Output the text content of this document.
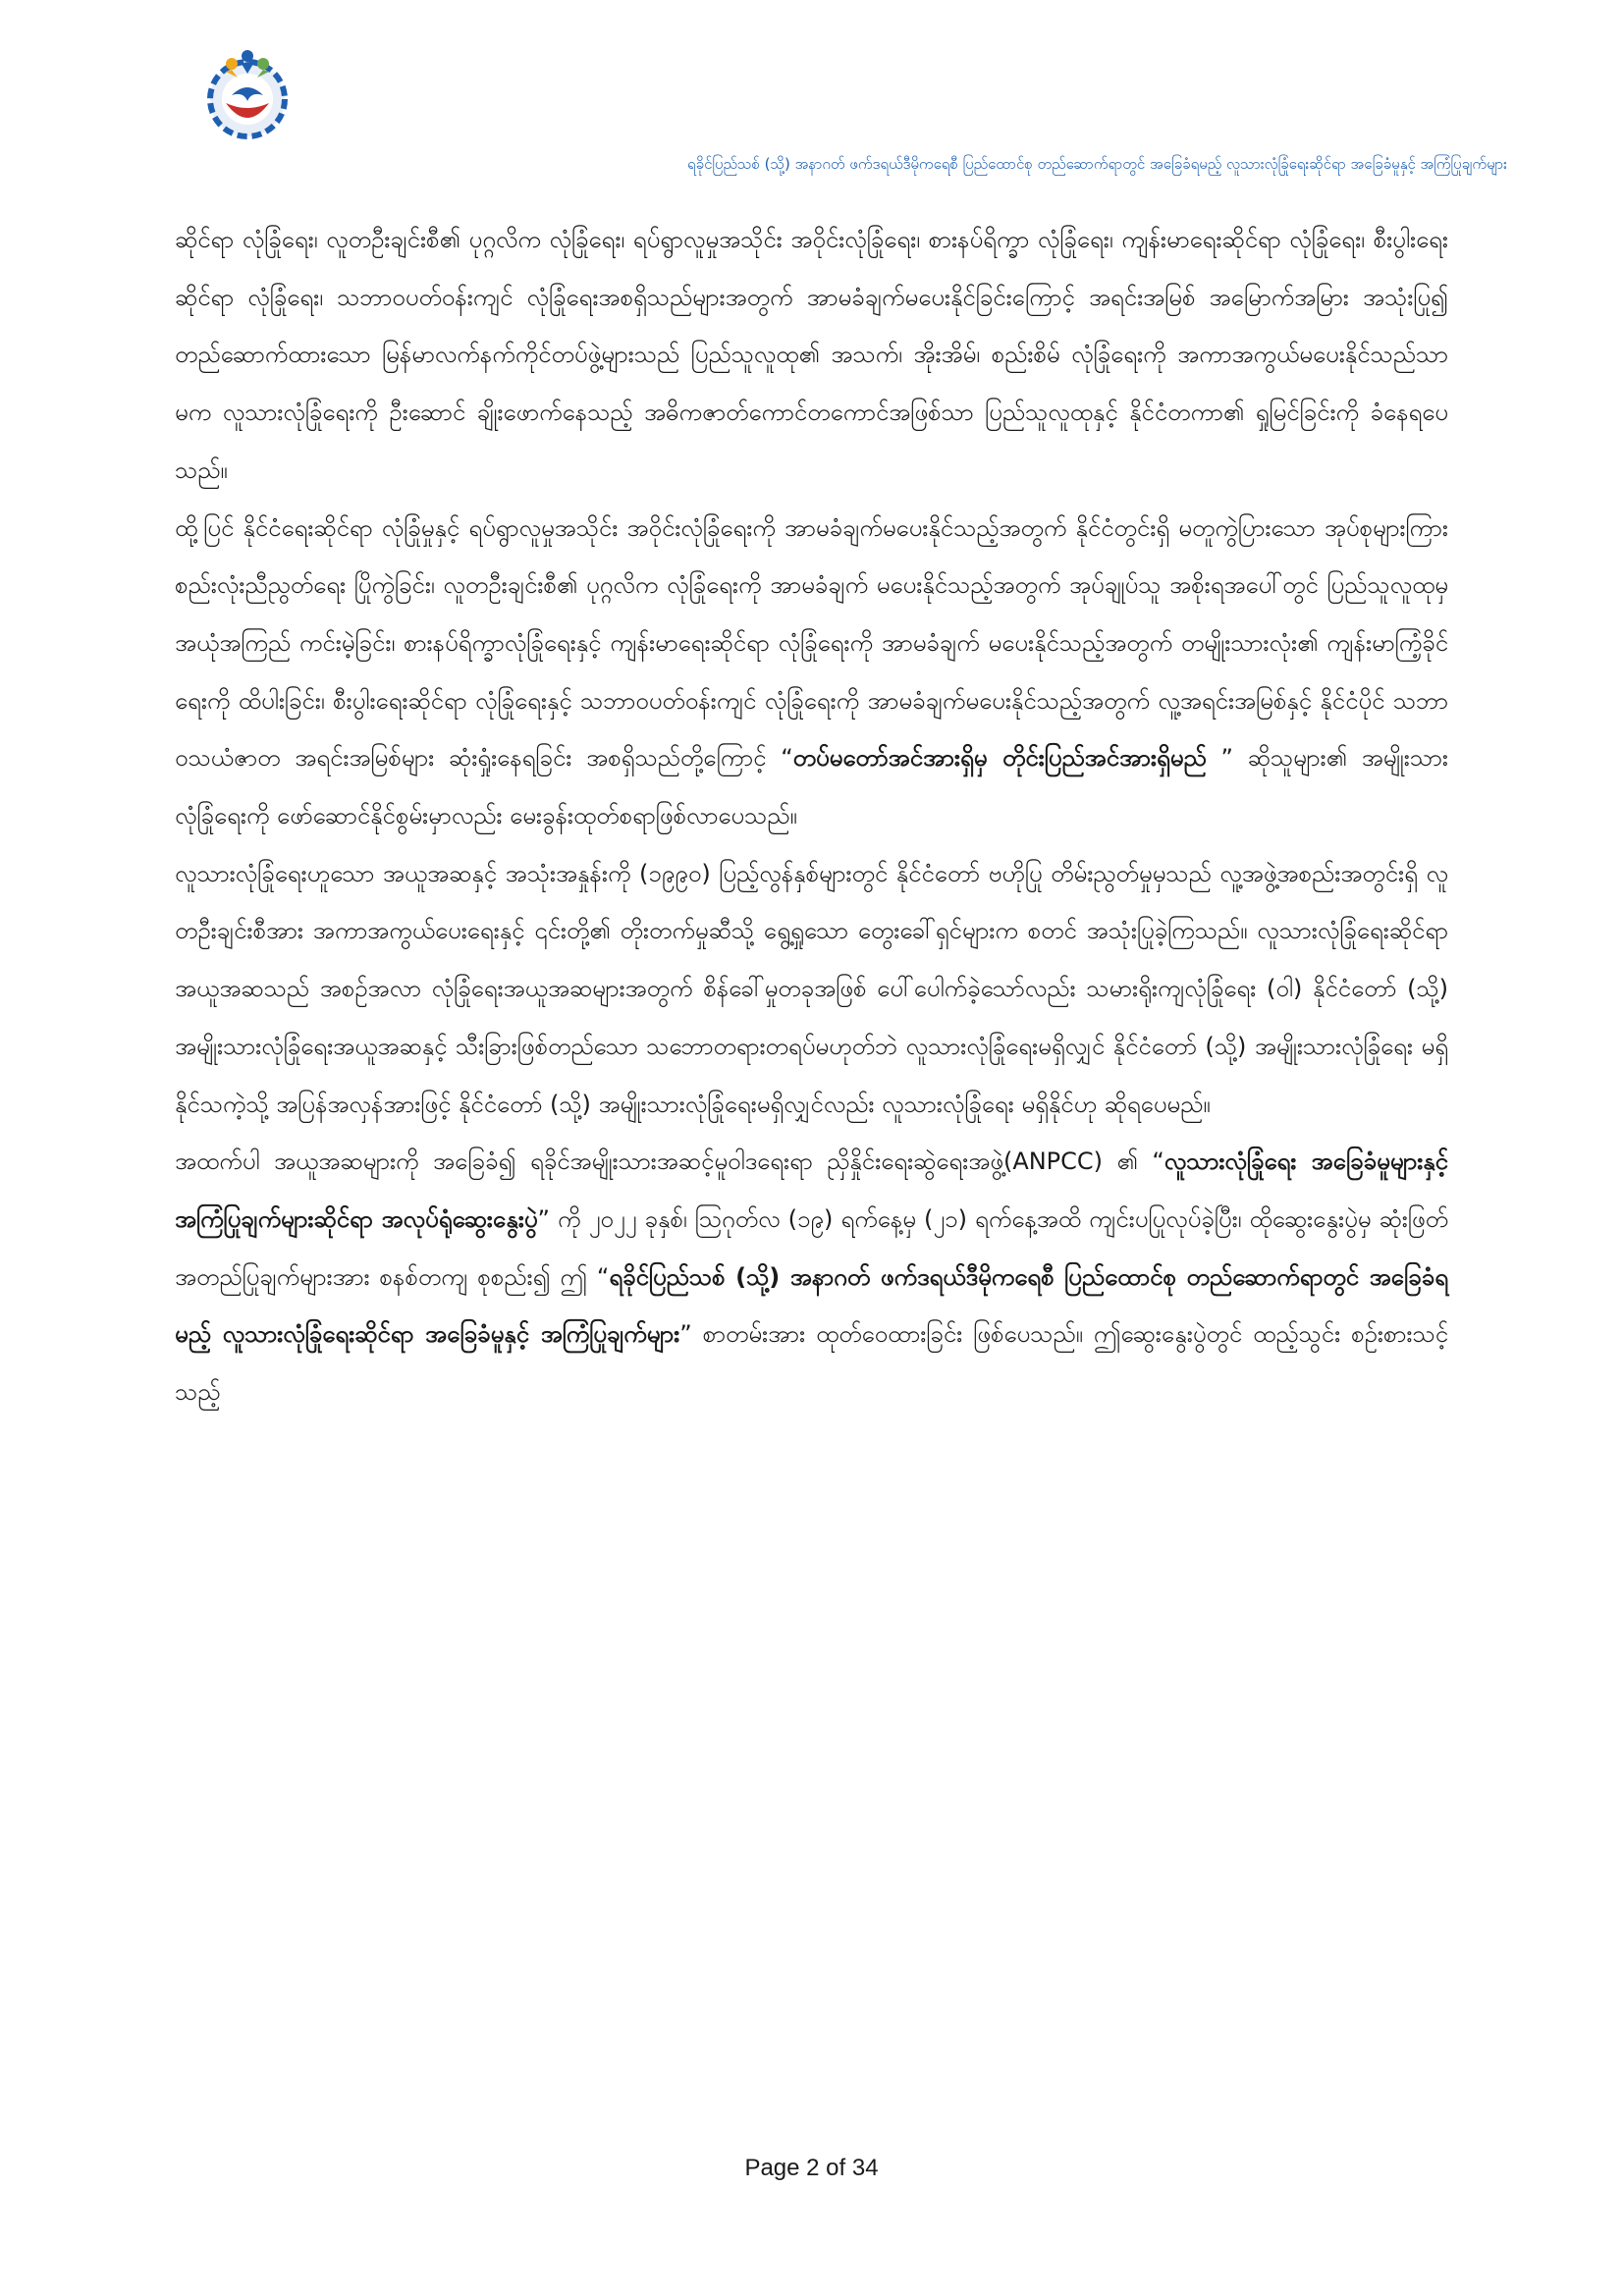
ရခိုင်ပြည်သစ် (သို့) အနာဂတ် ဖက်ဒရယ်ဒီမိုကရေစီ ပြည်ထောင်စု တည်ဆောက်ရာတွင် အခြေခံရမည့် လူသားလုံခြုံရေးဆိုင်ရာ အခြေခံမူနှင့် အကြံပြုချက်များ

ဆိုင်ရာ လုံခြုံရေး၊ လူတဦးချင်းစီ၏ ပုဂ္ဂလိက လုံခြုံရေး၊ ရပ်ရွာလူမှုအသိုင်း အဝိုင်းလုံခြုံရေး၊ စားနပ်ရိက္ခာ လုံခြုံရေး၊ ကျန်းမာရေးဆိုင်ရာ လုံခြုံရေး၊ စီးပွါးရေးဆိုင်ရာ လုံခြုံရေး၊ သဘာဝပတ်ဝန်းကျင် လုံခြုံရေးအစရှိသည်များအတွက် အာမခံချက်မပေးနိုင်ခြင်းကြောင့် အရင်းအမြစ် အမြောက်အမြား အသုံးပြု၍ တည်ဆောက်ထားသော မြန်မာလက်နက်ကိုင်တပ်ဖွဲ့များသည် ပြည်သူလူထု၏ အသက်၊ အိုးအိမ်၊ စည်းစိမ် လုံခြုံရေးကို အကာအကွယ်မပေးနိုင်သည်သာမက လူသားလုံခြုံရေးကို ဦးဆောင် ချိုးဖောက်နေသည့် အဓိကဇာတ်ကောင်တကောင်အဖြစ်သာ ပြည်သူလူထုနှင့် နိုင်ငံတကာ၏ ရှုမြင်ခြင်းကို ခံနေရပေသည်။

ထို့ပြင် နိုင်ငံရေးဆိုင်ရာ လုံခြုံမှုနှင့် ရပ်ရွာလူမှုအသိုင်း အဝိုင်းလုံခြုံရေးကို အာမခံချက်မပေးနိုင်သည့်အတွက် နိုင်ငံတွင်းရှိ မတူကွဲပြားသော အုပ်စုများကြား စည်းလုံးညီညွတ်ရေး ပြိုကွဲခြင်း၊ လူတဦးချင်းစီ၏ ပုဂ္ဂလိက လုံခြုံရေးကို အာမခံချက် မပေးနိုင်သည့်အတွက် အုပ်ချုပ်သူ အစိုးရအပေါ်တွင် ပြည်သူလူထုမှ အယုံအကြည် ကင်းမဲ့ခြင်း၊ စားနပ်ရိက္ခာလုံခြုံရေးနှင့် ကျန်းမာရေးဆိုင်ရာ လုံခြုံရေးကို အာမခံချက် မပေးနိုင်သည့်အတွက် တမျိုးသားလုံး၏ ကျန်းမာကြံ့ခိုင်ရေးကို ထိပါးခြင်း၊ စီးပွါးရေးဆိုင်ရာ လုံခြုံရေးနှင့် သဘာဝပတ်ဝန်းကျင် လုံခြုံရေးကို အာမခံချက်မပေးနိုင်သည့်အတွက် လူ့အရင်းအမြစ်နှင့် နိုင်ငံပိုင် သဘာဝသယံဇာတ အရင်းအမြစ်များ ဆုံးရှုံးနေရခြင်း အစရှိသည်တို့ကြောင့် “တပ်မတော်အင်အားရှိမှ တိုင်းပြည်အင်အားရှိမည် ” ဆိုသူများ၏ အမျိုးသားလုံခြုံရေးကို ဖော်ဆောင်နိုင်စွမ်းမှာလည်း မေးခွန်းထုတ်စရာဖြစ်လာပေသည်။

လူသားလုံခြုံရေးဟူသော အယူအဆနှင့် အသုံးအနှုန်းကို (၁၉၉၀) ပြည့်လွန်နှစ်များတွင် နိုင်ငံတော် ဗဟိုပြု တိမ်းညွတ်မှုမှသည် လူ့အဖွဲ့အစည်းအတွင်းရှိ လူတဦးချင်းစီအား အကာအကွယ်ပေးရေးနှင့် ၎င်းတို့၏ တိုးတက်မှုဆီသို့ ရွေ့ရှုသော တွေးခေါ်ရှင်များက စတင် အသုံးပြုခဲ့ကြသည်။ လူသားလုံခြုံရေးဆိုင်ရာ အယူအဆသည် အစဉ်အလာ လုံခြုံရေးအယူအဆများအတွက် စိန်ခေါ်မှုတခုအဖြစ် ပေါ်ပေါက်ခဲ့သော်လည်း သမားရိုးကျလုံခြုံရေး (ဝါ) နိုင်ငံတော် (သို့) အမျိုးသားလုံခြုံရေးအယူအဆနှင့် သီးခြားဖြစ်တည်သော သဘောတရားတရပ်မဟုတ်ဘဲ လူသားလုံခြုံရေးမရှိလျှင် နိုင်ငံတော် (သို့) အမျိုးသားလုံခြုံရေး မရှိနိုင်သကဲ့သို့ အပြန်အလှန်အားဖြင့် နိုင်ငံတော် (သို့) အမျိုးသားလုံခြုံရေးမရှိလျှင်လည်း လူသားလုံခြုံရေး မရှိနိုင်ဟု ဆိုရပေမည်။

အထက်ပါ အယူအဆများကို အခြေခံ၍ ရခိုင်အမျိုးသားအဆင့်မူဝါဒရေးရာ ညှိနှိုင်းရေးဆွဲရေးအဖွဲ့(ANPCC) ၏ “လူသားလုံခြုံရေး အခြေခံမူများနှင့် အကြံပြုချက်များဆိုင်ရာ အလုပ်ရုံဆွေးနွေးပွဲ” ကို ၂၀၂၂ ခုနှစ်၊ ဩဂုတ်လ (၁၉) ရက်နေ့မှ (၂၁) ရက်နေ့အထိ ကျင်းပပြုလုပ်ခဲ့ပြီး၊ ထိုဆွေးနွေးပွဲမှ ဆုံးဖြတ် အတည်ပြုချက်များအား စနစ်တကျ စုစည်း၍ ဤ “ရခိုင်ပြည်သစ် (သို့) အနာဂတ် ဖက်ဒရယ်ဒီမိုကရေစီ ပြည်ထောင်စု တည်ဆောက်ရာတွင် အခြေခံရမည့် လူသားလုံခြုံရေးဆိုင်ရာ အခြေခံမူနှင့် အကြံပြုချက်များ” စာတမ်းအား ထုတ်ဝေထားခြင်း ဖြစ်ပေသည်။ ဤဆွေးနွေးပွဲတွင် ထည့်သွင်း စဉ်းစားသင့်သည့်

Page 2 of 34
